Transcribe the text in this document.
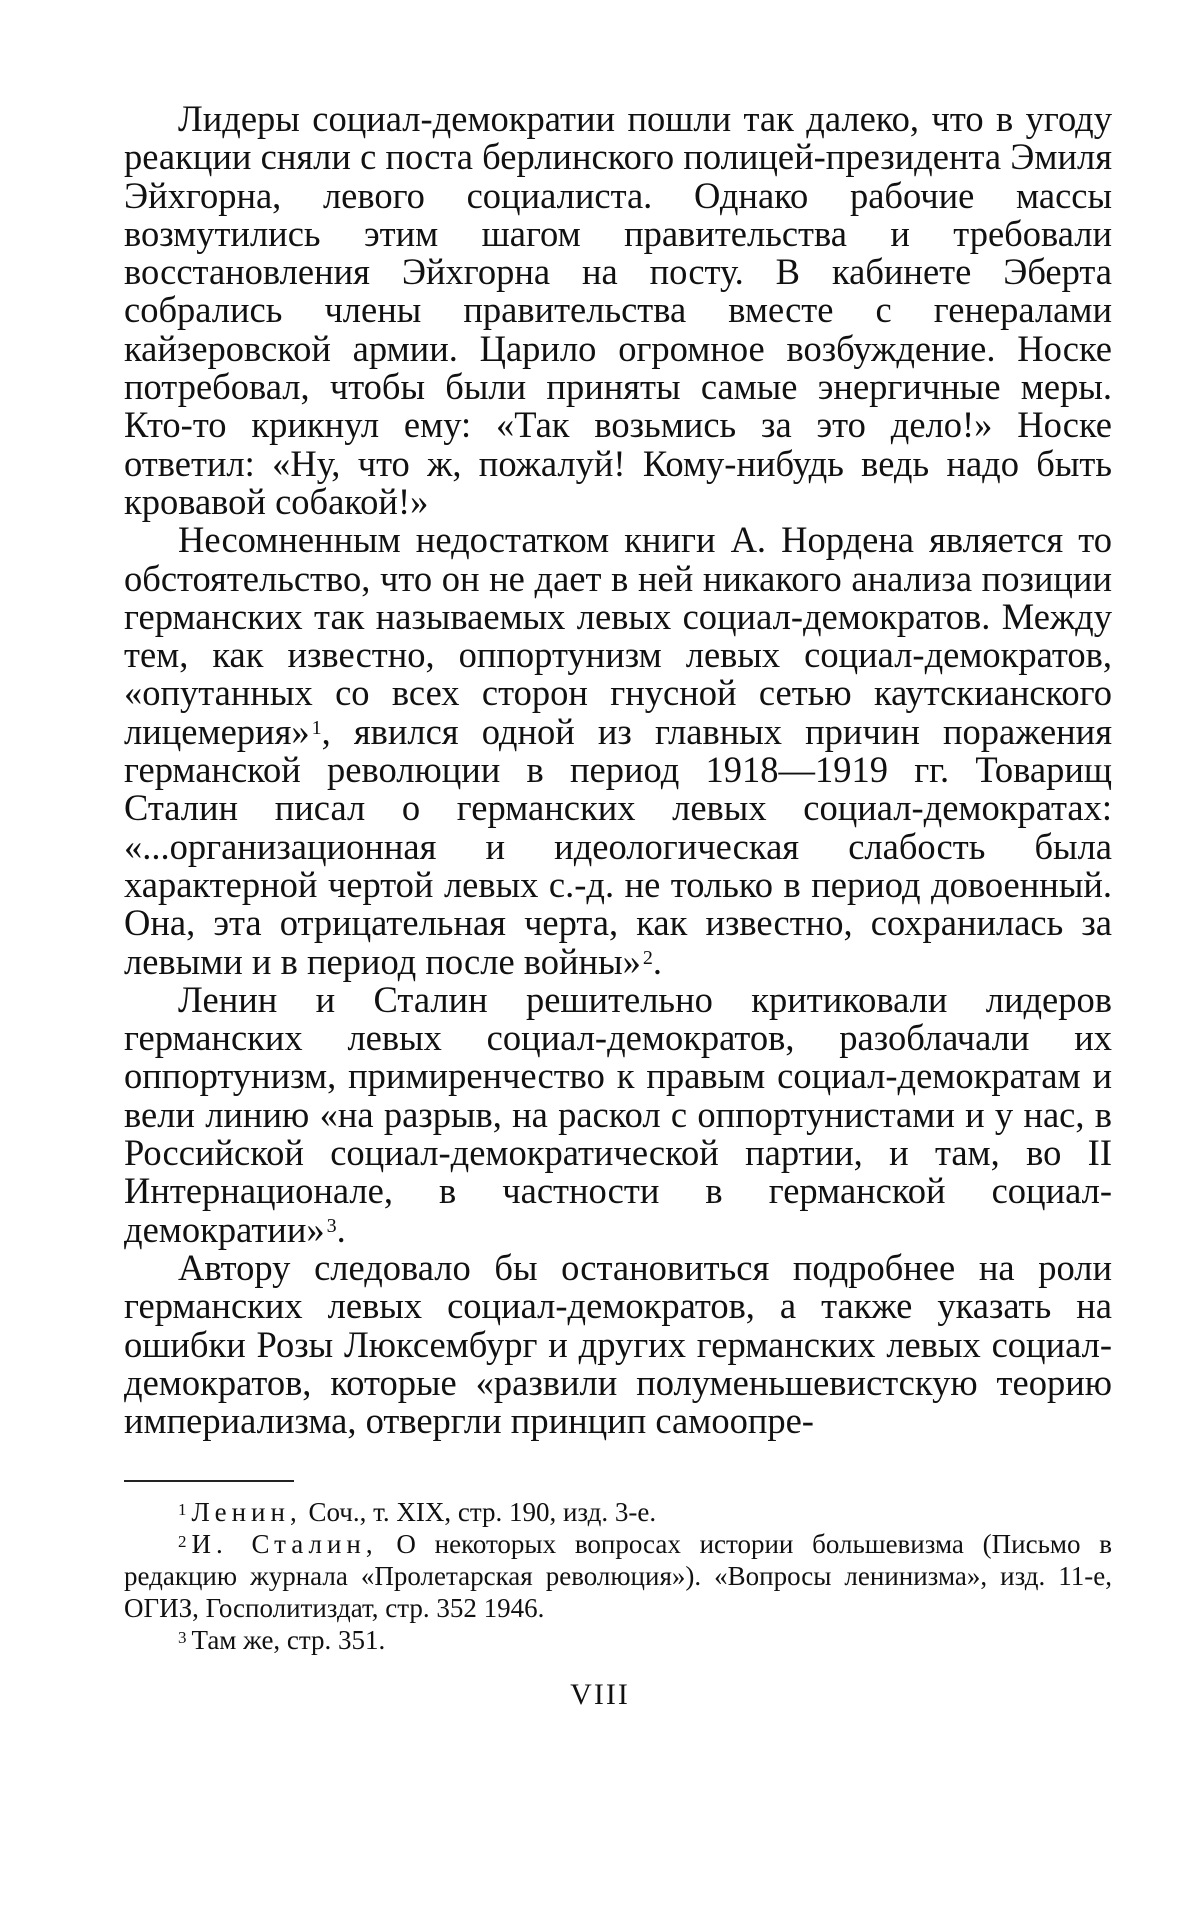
Лидеры социал-демократии пошли так далеко, что в угоду реакции сняли с поста берлинского полицей-президента Эмиля Эйхгорна, левого социалиста. Однако рабочие массы возмутились этим шагом правительства и требовали восстановления Эйхгорна на посту. В кабинете Эберта собрались члены правительства вместе с генералами кайзеровской армии. Царило огромное возбуждение. Носке потребовал, чтобы были приняты самые энергичные меры. Кто-то крикнул ему: «Так возьмись за это дело!» Носке ответил: «Ну, что ж, пожалуй! Кому-нибудь ведь надо быть кровавой собакой!»

Несомненным недостатком книги А. Нордена является то обстоятельство, что он не дает в ней никакого анализа позиции германских так называемых левых социал-демократов. Между тем, как известно, оппортунизм левых социал-демократов, «опутанных со всех сторон гнусной сетью каутскианского лицемерия» $^1$, явился одной из главных причин поражения германской революции в период 1918—1919 гг. Товарищ Сталин писал о германских левых социал-демократах: «...организационная и идеологическая слабость была характерной чертой левых с.-д. не только в период довоенный. Она, эта отрицательная черта, как известно, сохранилась за левыми и в период после войны» $^2$.

Ленин и Сталин решительно критиковали лидеров германских левых социал-демократов, разоблачали их оппортунизм, примиренчество к правым социал-демократам и вели линию «на разрыв, на раскол с оппортунистами и у нас, в Российской социал-демократической партии, и там, во II Интернационале, в частности в германской социал-демократии» $^3$.

Автору следовало бы остановиться подробнее на роли германских левых социал-демократов, а также указать на ошибки Розы Люксембург и других германских левых социал-демократов, которые «развили полуменьшевистскую теорию империализма, отвергли принцип самоопре-

$^1$ Ленин, Соч., т. XIX, стр. 190, изд. 3-е.

$^2$ И. Сталин, О некоторых вопросах истории большевизма (Письмо в редакцию журнала «Пролетарская революция»). «Вопросы ленинизма», изд. 11-е, ОГИЗ, Госполитиздат, стр. 352 1946.

$^3$ Там же, стр. 351.

VIII
